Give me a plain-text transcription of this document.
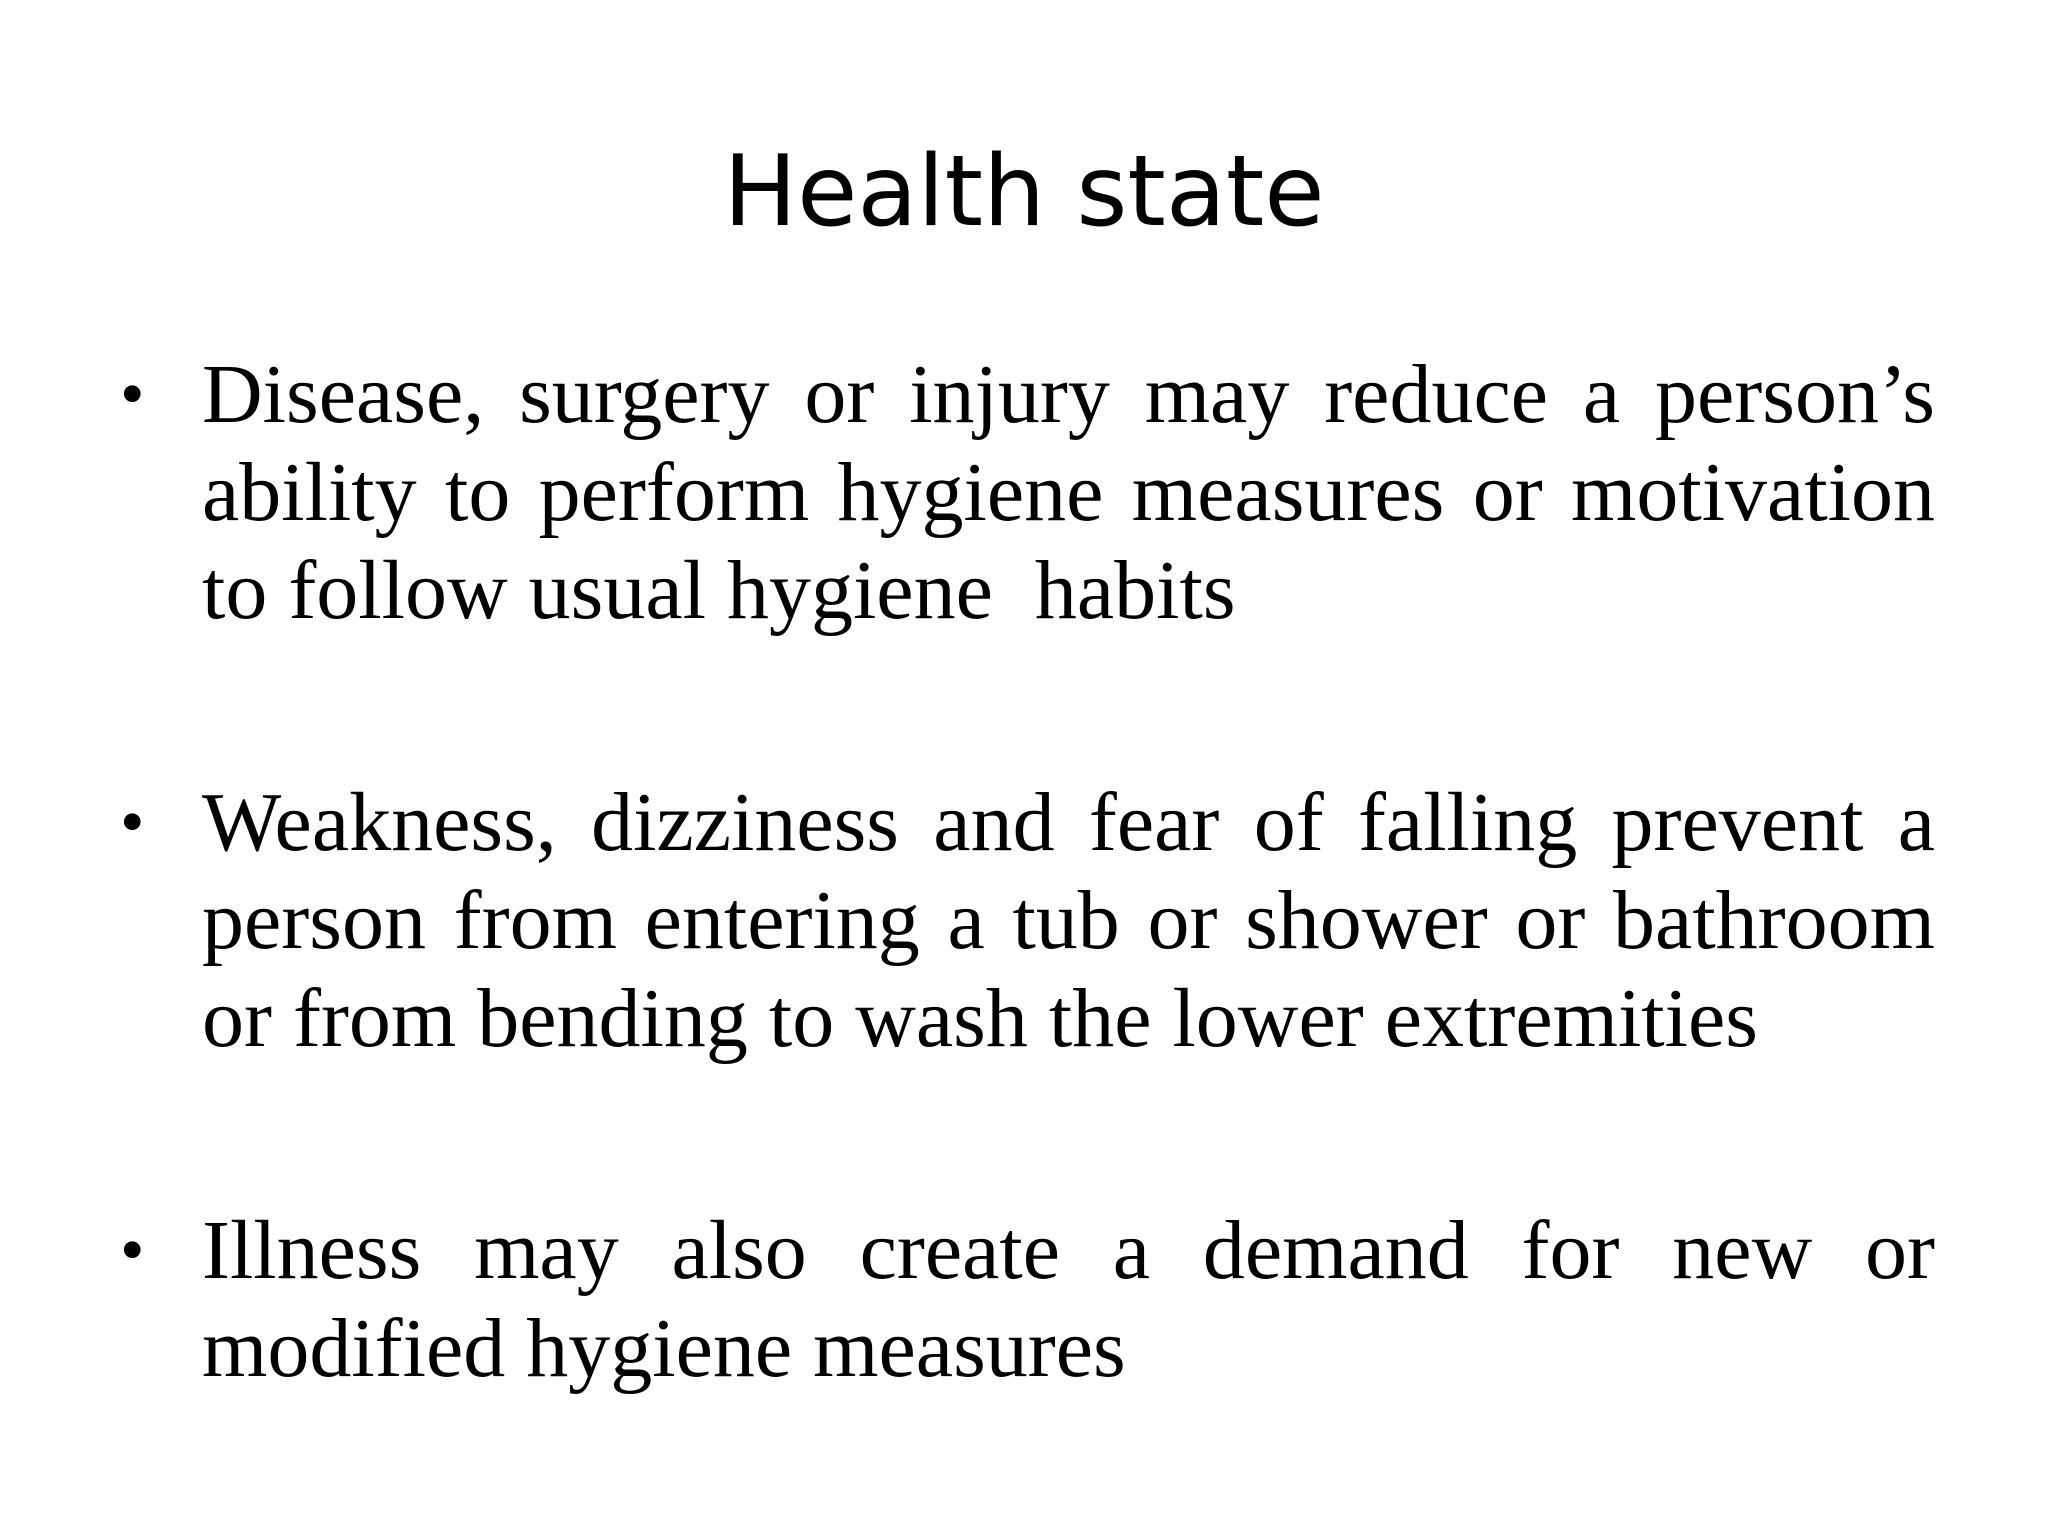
Health state
• Disease, surgery or injury may reduce a person’s ability to perform hygiene measures or motivation to follow usual hygiene  habits
• Weakness, dizziness and fear of falling prevent a person from entering a tub or shower or bathroom or from bending to wash the lower extremities
• Illness may also create a demand for new or modified hygiene measures
